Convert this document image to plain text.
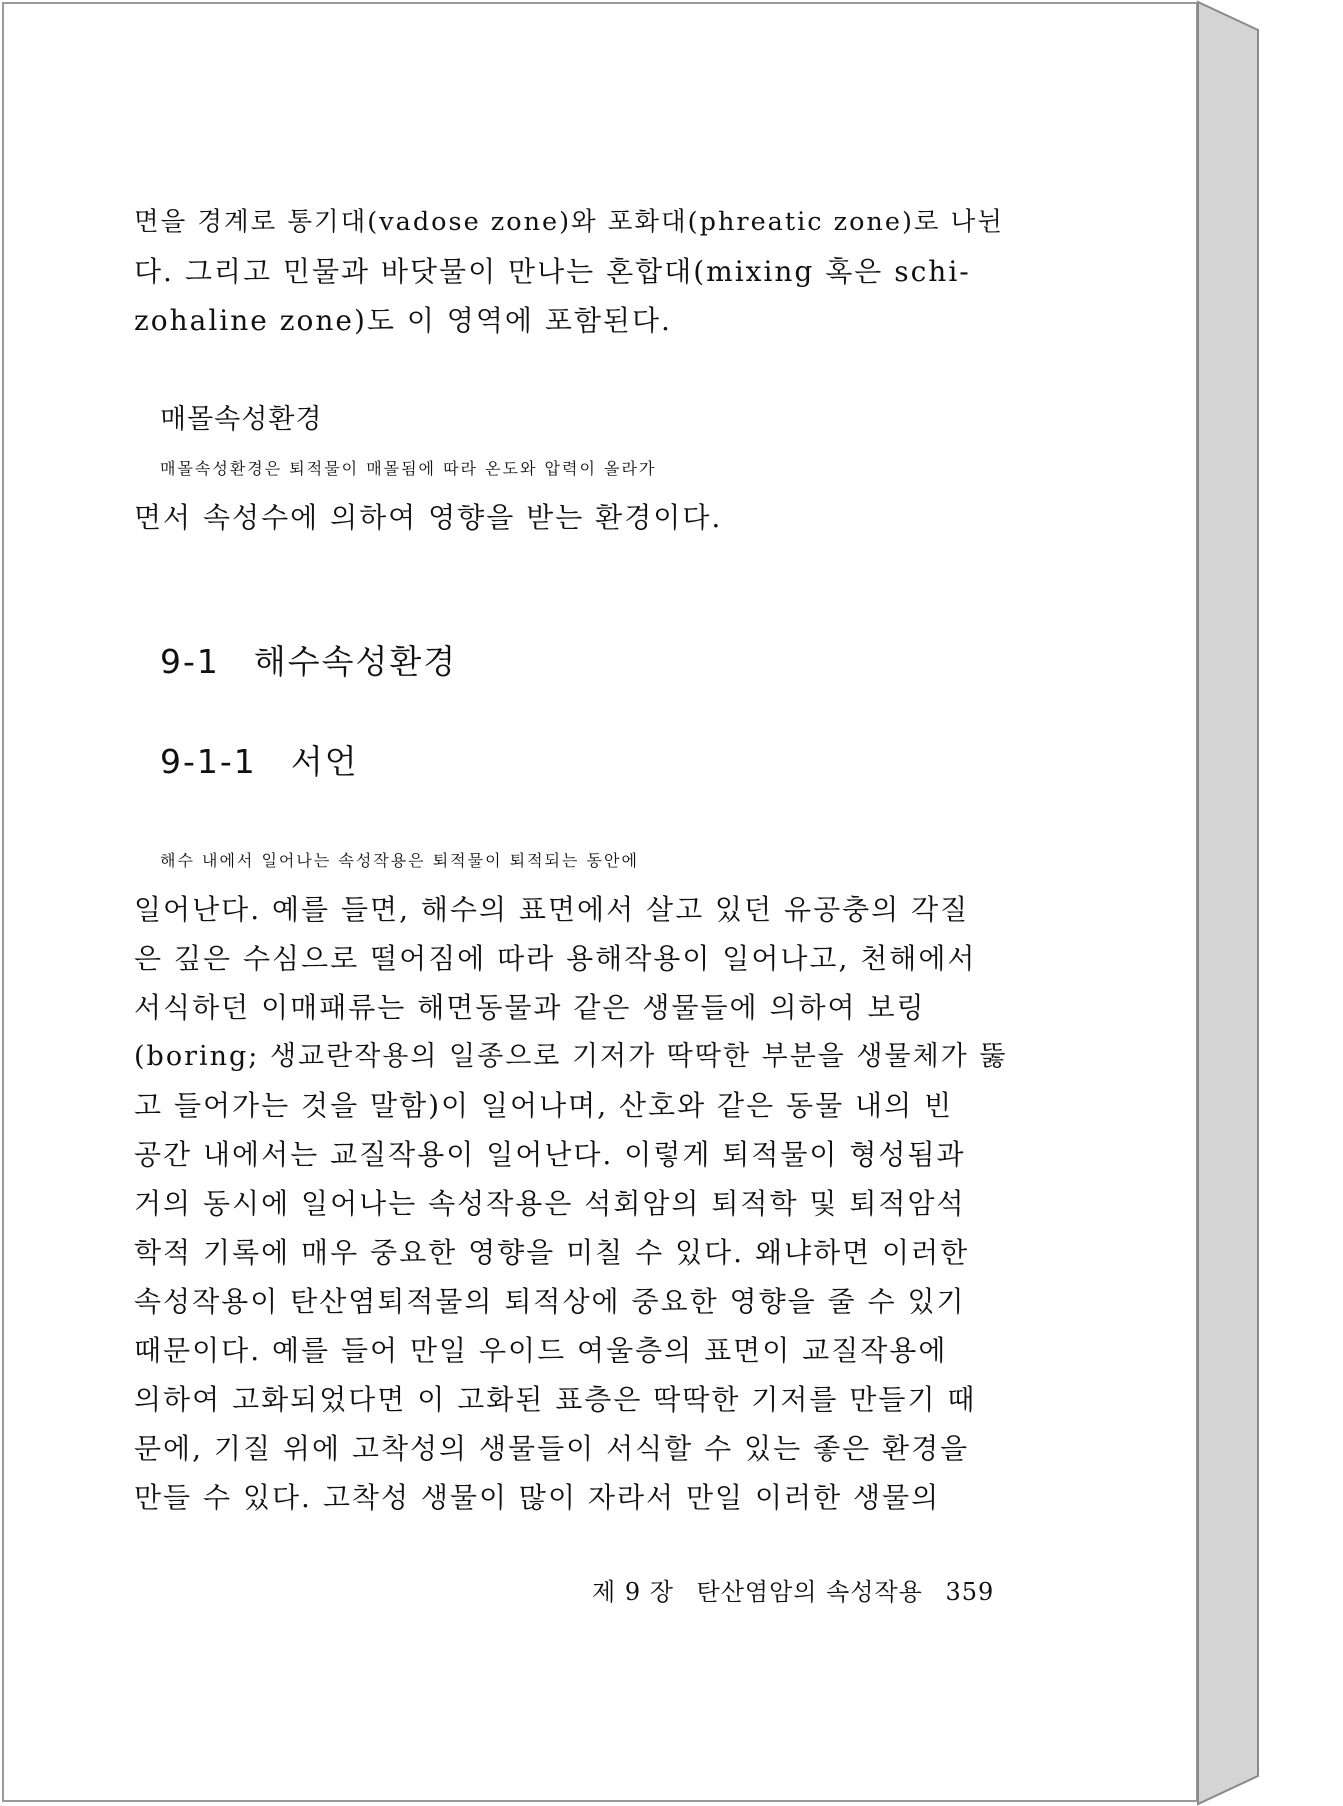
면을 경계로 통기대(vadose zone)와 포화대(phreatic zone)로 나뉜
다. 그리고 민물과 바닷물이 만나는 혼합대(mixing 혹은 schi-
zohaline zone)도 이 영역에 포함된다.
매몰속성환경
매몰속성환경은 퇴적물이 매몰됨에 따라 온도와 압력이 올라가
면서 속성수에 의하여 영향을 받는 환경이다.
9-1 해수속성환경
9-1-1 서언
해수 내에서 일어나는 속성작용은 퇴적물이 퇴적되는 동안에
일어난다. 예를 들면, 해수의 표면에서 살고 있던 유공충의 각질
은 깊은 수심으로 떨어짐에 따라 용해작용이 일어나고, 천해에서
서식하던 이매패류는 해면동물과 같은 생물들에 의하여 보링
(boring; 생교란작용의 일종으로 기저가 딱딱한 부분을 생물체가 뚫
고 들어가는 것을 말함)이 일어나며, 산호와 같은 동물 내의 빈
공간 내에서는 교질작용이 일어난다. 이렇게 퇴적물이 형성됨과
거의 동시에 일어나는 속성작용은 석회암의 퇴적학 및 퇴적암석
학적 기록에 매우 중요한 영향을 미칠 수 있다. 왜냐하면 이러한
속성작용이 탄산염퇴적물의 퇴적상에 중요한 영향을 줄 수 있기
때문이다. 예를 들어 만일 우이드 여울층의 표면이 교질작용에
의하여 고화되었다면 이 고화된 표층은 딱딱한 기저를 만들기 때
문에, 기질 위에 고착성의 생물들이 서식할 수 있는 좋은 환경을
만들 수 있다. 고착성 생물이 많이 자라서 만일 이러한 생물의
제 9 장 탄산염암의 속성작용 359
